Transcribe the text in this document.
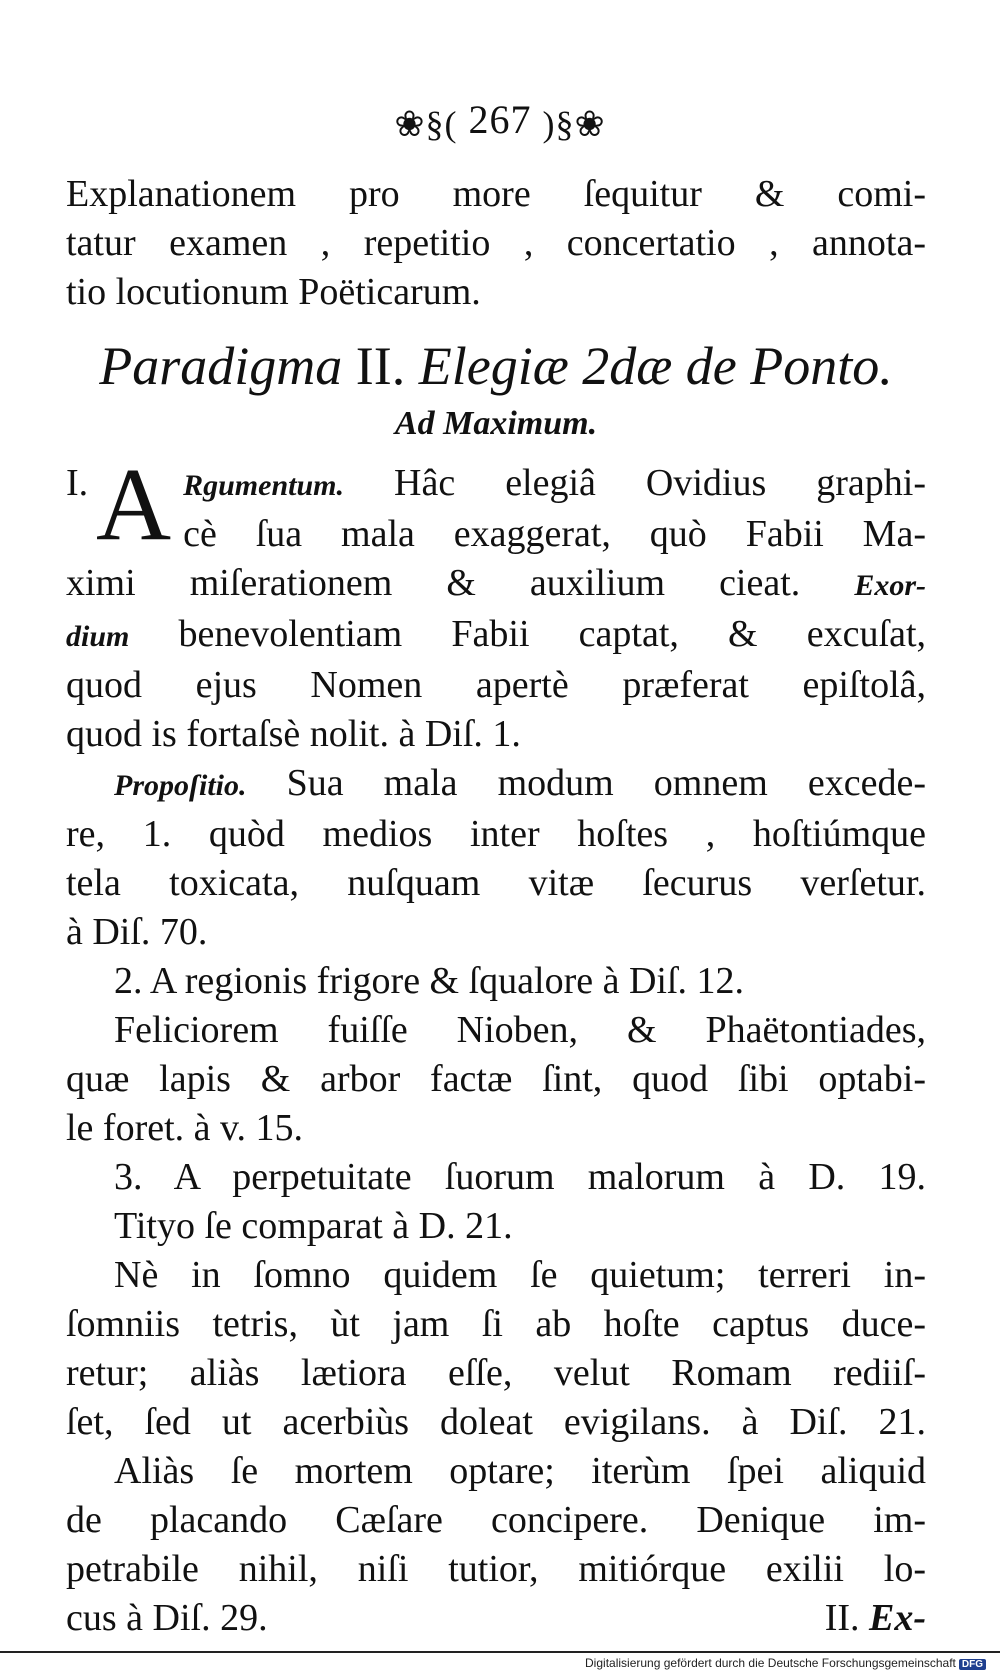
❀§( 267 )§❀
Explanationem pro more ſequitur & comi-
tatur examen , repetitio , concertatio , annota-
tio locutionum Poëticarum.
Paradigma II. Elegiæ 2dæ de Ponto.
Ad Maximum.
I. A Rgumentum. Hâc elegiâ Ovidius graphi-
cè ſua mala exaggerat, quò Fabii Ma-
ximi miſerationem & auxilium cieat. Exor-
dium benevolentiam Fabii captat, & excuſat,
quod ejus Nomen apertè præferat epiſtolâ,
quod is fortaſsè nolit. à Diſ. 1.
Propoſitio. Sua mala modum omnem excede-
re, 1. quòd medios inter hoſtes , hoſtiúmque
tela toxicata, nuſquam vitæ ſecurus verſetur.
à Diſ. 70.
2. A regionis frigore & ſqualore à Diſ. 12.
Feliciorem fuiſſe Nioben, & Phaëtontiades,
quæ lapis & arbor factæ ſint, quod ſibi optabi-
le foret. à v. 15.
3. A perpetuitate ſuorum malorum à D. 19.
Tityo ſe comparat à D. 21.
Nè in ſomno quidem ſe quietum; terreri in-
ſomniis tetris, ùt jam ſi ab hoſte captus duce-
retur; aliàs lætiora eſſe, velut Romam rediiſ-
ſet, ſed ut acerbiùs doleat evigilans. à Diſ. 21.
Aliàs ſe mortem optare; iterùm ſpei aliquid
de placando Cæſare concipere. Denique im-
petrabile nihil, niſi tutior, mitiórque exilii lo-
cus à Diſ. 29.	II. Ex-
Digitalisierung gefördert durch die Deutsche Forschungsgemeinschaft DFG
